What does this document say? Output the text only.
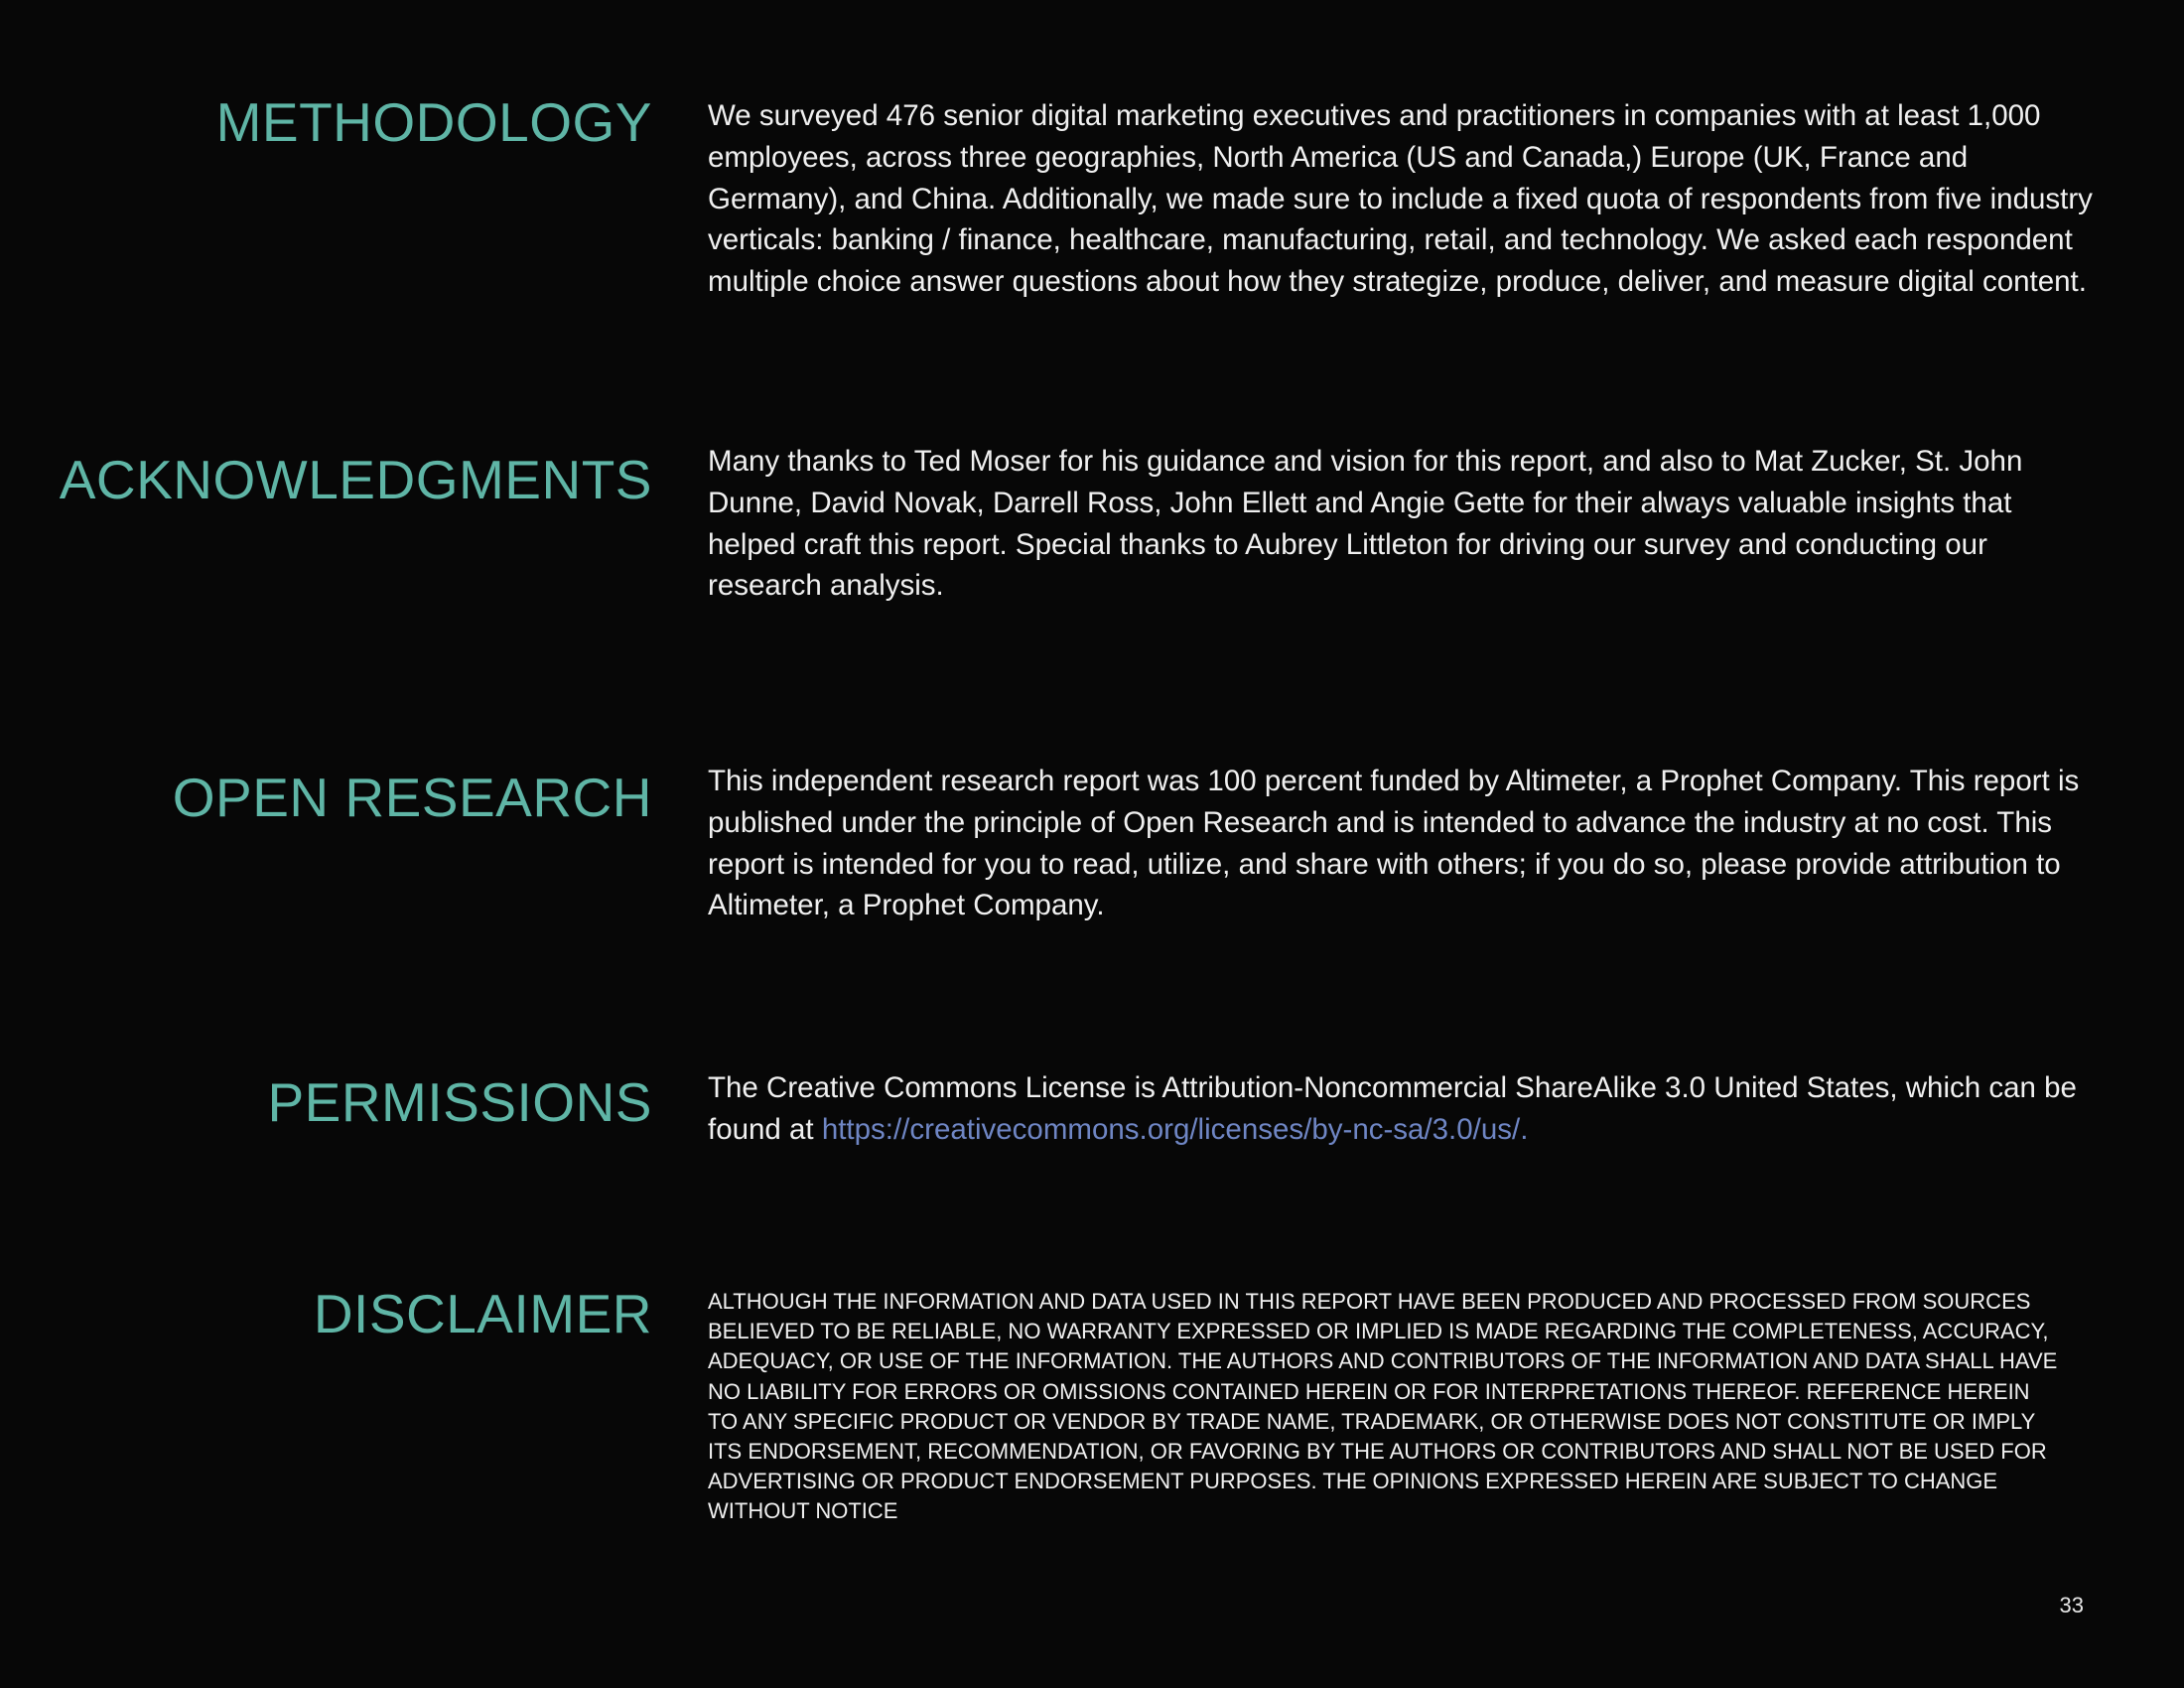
METHODOLOGY We surveyed 476 senior digital marketing executives and practitioners in companies with at least 1,000 employees, across three geographies, North America (US and Canada,) Europe (UK, France and Germany), and China. Additionally, we made sure to include a fixed quota of respondents from five industry verticals: banking / finance, healthcare, manufacturing, retail, and technology. We asked each respondent multiple choice answer questions about how they strategize, produce, deliver, and measure digital content.

ACKNOWLEDGMENTS Many thanks to Ted Moser for his guidance and vision for this report, and also to Mat Zucker, St. John Dunne, David Novak, Darrell Ross, John Ellett and Angie Gette for their always valuable insights that helped craft this report. Special thanks to Aubrey Littleton for driving our survey and conducting our research analysis.

OPEN RESEARCH This independent research report was 100 percent funded by Altimeter, a Prophet Company. This report is published under the principle of Open Research and is intended to advance the industry at no cost. This report is intended for you to read, utilize, and share with others; if you do so, please provide attribution to Altimeter, a Prophet Company.

PERMISSIONS The Creative Commons License is Attribution-Noncommercial ShareAlike 3.0 United States, which can be found at https://creativecommons.org/licenses/by-nc-sa/3.0/us/.

DISCLAIMER	ALTHOUGH THE INFORMATION AND DATA USED IN THIS REPORT HAVE BEEN PRODUCED AND PROCESSED FROM SOURCES BELIEVED TO BE RELIABLE, NO WARRANTY EXPRESSED OR IMPLIED IS MADE REGARDING THE COMPLETENESS, ACCURACY, ADEQUACY, OR USE OF THE INFORMATION. THE AUTHORS AND CONTRIBUTORS OF THE INFORMATION AND DATA SHALL HAVE NO LIABILITY FOR ERRORS OR OMISSIONS CONTAINED HEREIN OR FOR INTERPRETATIONS THEREOF. REFERENCE HEREIN TO ANY SPECIFIC PRODUCT OR VENDOR BY TRADE NAME, TRADEMARK, OR OTHERWISE DOES NOT CONSTITUTE OR IMPLY ITS ENDORSEMENT, RECOMMENDATION, OR FAVORING BY THE AUTHORS OR CONTRIBUTORS AND SHALL NOT BE USED FOR ADVERTISING OR PRODUCT ENDORSEMENT PURPOSES. THE OPINIONS EXPRESSED HEREIN ARE SUBJECT TO CHANGE WITHOUT NOTICE

33
